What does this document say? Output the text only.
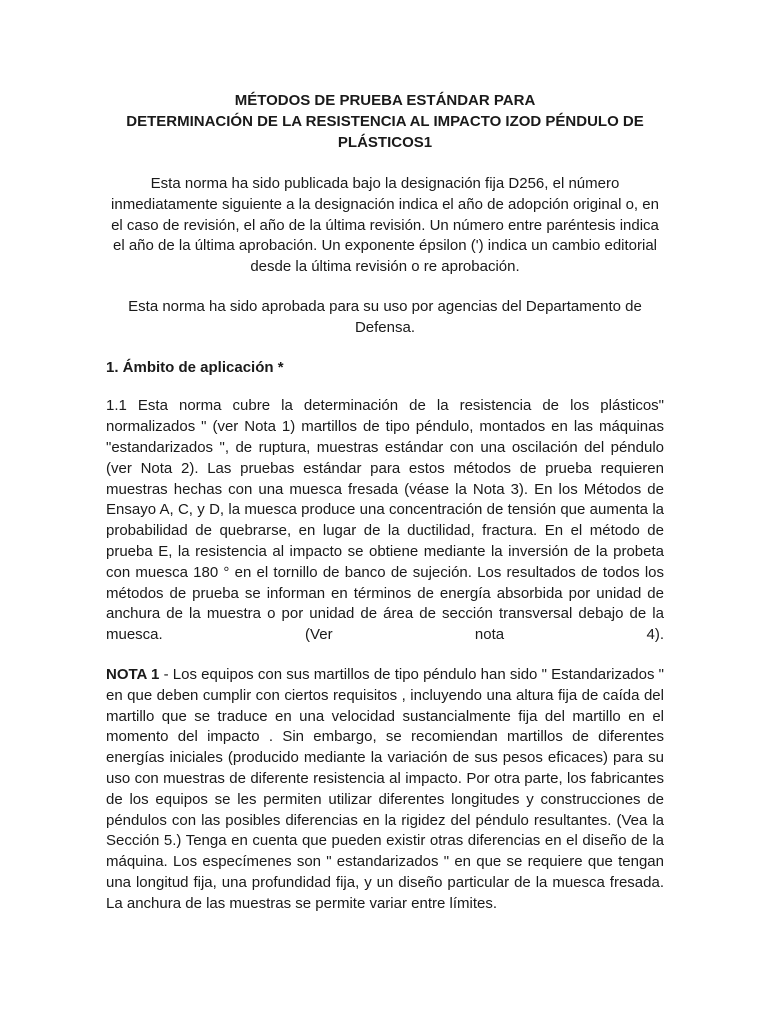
MÉTODOS DE PRUEBA ESTÁNDAR PARA

DETERMINACIÓN DE LA RESISTENCIA AL IMPACTO IZOD PÉNDULO DE

PLÁSTICOS1

Esta norma ha sido publicada bajo la designación fija D256, el número inmediatamente siguiente a la designación indica el año de adopción original o, en el caso de revisión, el año de la última revisión. Un número entre paréntesis indica el año de la última aprobación. Un exponente épsilon (') indica un cambio editorial desde la última revisión o re aprobación.

Esta norma ha sido aprobada para su uso por agencias del Departamento de Defensa.

1. Ámbito de aplicación *

1.1 Esta norma cubre la determinación de la resistencia de los plásticos" normalizados " (ver Nota 1) martillos de tipo péndulo, montados en las máquinas "estandarizados ", de ruptura, muestras estándar con una oscilación del péndulo (ver Nota 2). Las pruebas estándar para estos métodos de prueba requieren muestras hechas con una muesca fresada (véase la Nota 3). En los Métodos de Ensayo A, C, y D, la muesca produce una concentración de tensión que aumenta la probabilidad de quebrarse, en lugar de la ductilidad, fractura. En el método de prueba E, la resistencia al impacto se obtiene mediante la inversión de la probeta con muesca 180 ° en el tornillo de banco de sujeción. Los resultados de todos los métodos de prueba se informan en términos de energía absorbida por unidad de anchura de la muestra o por unidad de área de sección transversal debajo de la muesca. (Ver nota 4).

NOTA 1 - Los equipos con sus martillos de tipo péndulo han sido " Estandarizados " en que deben cumplir con ciertos requisitos , incluyendo una altura fija de caída del martillo que se traduce en una velocidad sustancialmente fija del martillo en el momento del impacto . Sin embargo, se recomiendan martillos de diferentes energías iniciales (producido mediante la variación de sus pesos eficaces) para su uso con muestras de diferente resistencia al impacto. Por otra parte, los fabricantes de los equipos se les permiten utilizar diferentes longitudes y construcciones de péndulos con las posibles diferencias en la rigidez del péndulo resultantes. (Vea la Sección 5.) Tenga en cuenta que pueden existir otras diferencias en el diseño de la máquina. Los especímenes son " estandarizados " en que se requiere que tengan una longitud fija, una profundidad fija, y un diseño particular de la muesca fresada. La anchura de las muestras se permite variar entre límites.
